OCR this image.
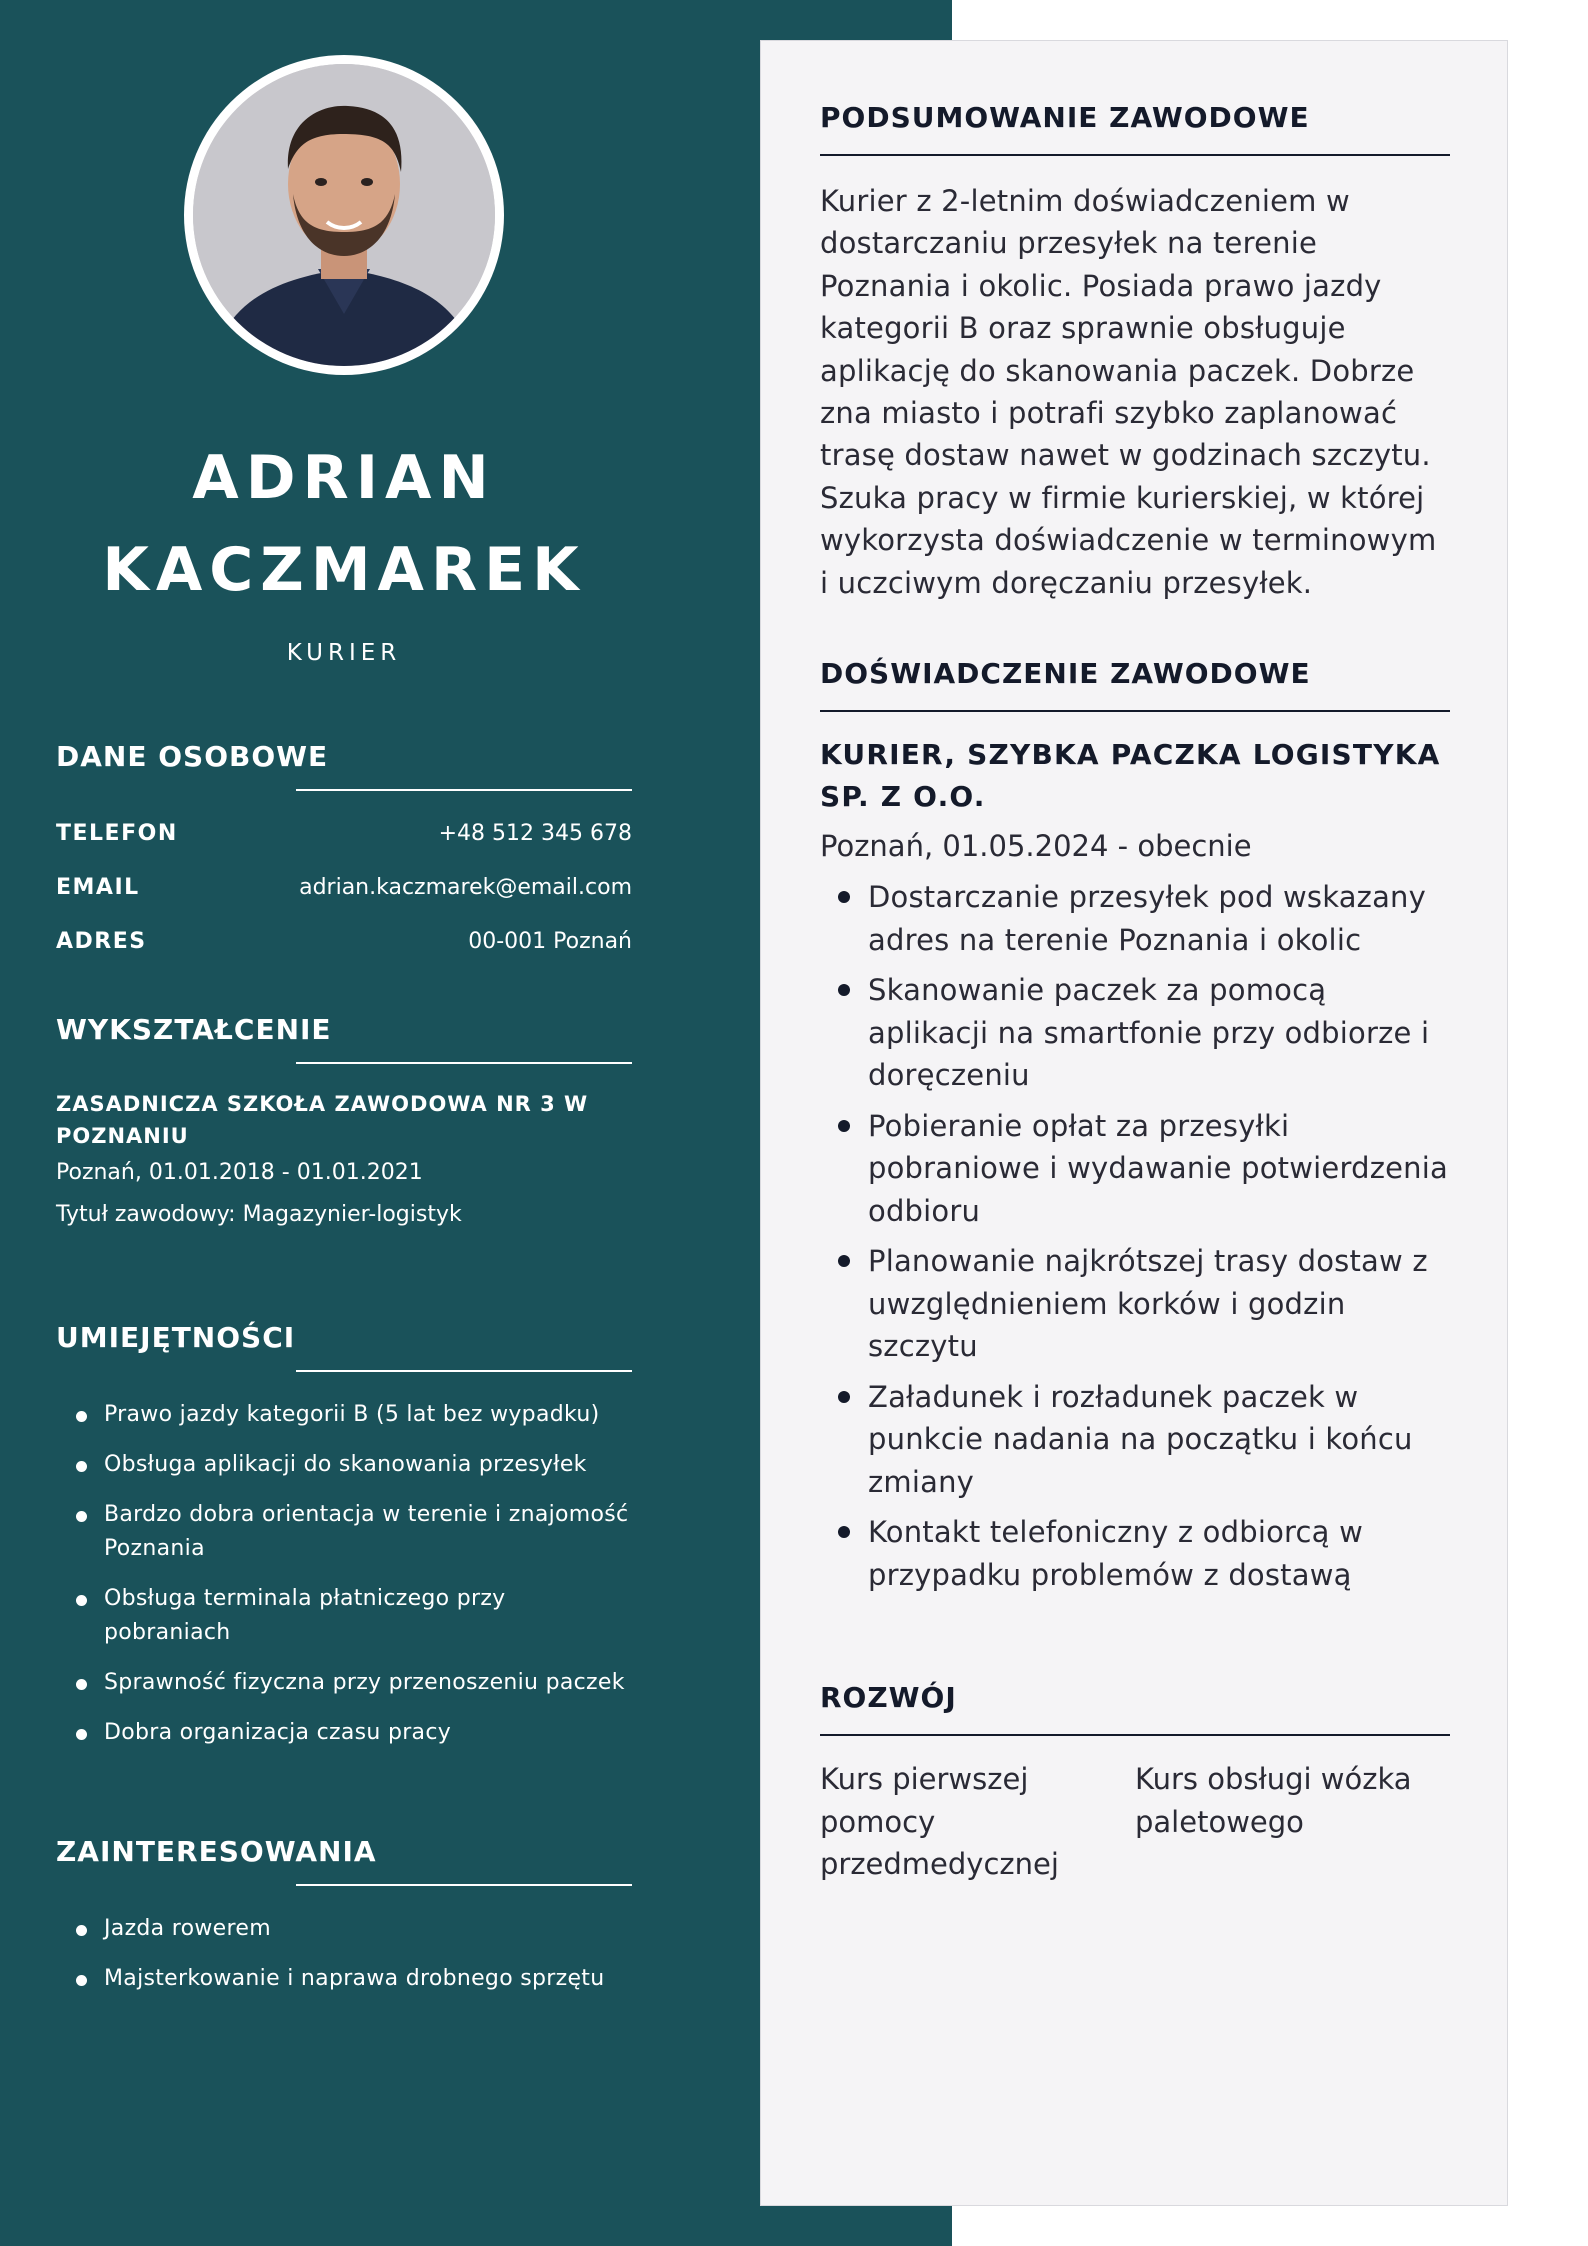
ADRIAN
KACZMAREK
KURIER
DANE OSOBOWE
TELEFON	+48 512 345 678
EMAIL	adrian.kaczmarek@email.com
ADRES	00-001 Poznań
WYKSZTAŁCENIE
ZASADNICZA SZKOŁA ZAWODOWA NR 3 W POZNANIU
Poznań, 01.01.2018 - 01.01.2021
Tytuł zawodowy: Magazynier-logistyk
UMIEJĘTNOŚCI
Prawo jazdy kategorii B (5 lat bez wypadku)
Obsługa aplikacji do skanowania przesyłek
Bardzo dobra orientacja w terenie i znajomość Poznania
Obsługa terminala płatniczego przy pobraniach
Sprawność fizyczna przy przenoszeniu paczek
Dobra organizacja czasu pracy
ZAINTERESOWANIA
Jazda rowerem
Majsterkowanie i naprawa drobnego sprzętu
PODSUMOWANIE ZAWODOWE
Kurier z 2-letnim doświadczeniem w dostarczaniu przesyłek na terenie Poznania i okolic. Posiada prawo jazdy kategorii B oraz sprawnie obsługuje aplikację do skanowania paczek. Dobrze zna miasto i potrafi szybko zaplanować trasę dostaw nawet w godzinach szczytu. Szuka pracy w firmie kurierskiej, w której wykorzysta doświadczenie w terminowym i uczciwym doręczaniu przesyłek.
DOŚWIADCZENIE ZAWODOWE
KURIER, SZYBKA PACZKA LOGISTYKA SP. Z O.O.
Poznań, 01.05.2024 - obecnie
Dostarczanie przesyłek pod wskazany adres na terenie Poznania i okolic
Skanowanie paczek za pomocą aplikacji na smartfonie przy odbiorze i doręczeniu
Pobieranie opłat za przesyłki pobraniowe i wydawanie potwierdzenia odbioru
Planowanie najkrótszej trasy dostaw z uwzględnieniem korków i godzin szczytu
Załadunek i rozładunek paczek w punkcie nadania na początku i końcu zmiany
Kontakt telefoniczny z odbiorcą w przypadku problemów z dostawą
ROZWÓJ
Kurs pierwszej pomocy przedmedycznej
Kurs obsługi wózka paletowego
